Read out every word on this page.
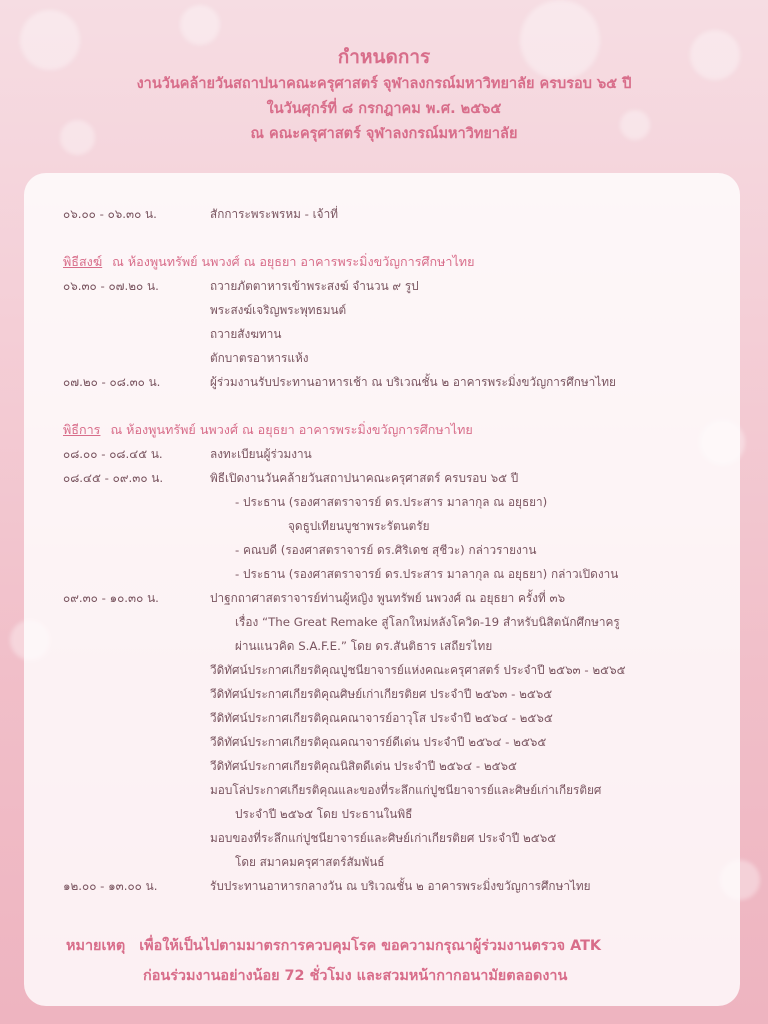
กำหนดการ
งานวันคล้ายวันสถาปนาคณะครุศาสตร์ จุฬาลงกรณ์มหาวิทยาลัย ครบรอบ ๖๕ ปี
ในวันศุกร์ที่ ๘ กรกฎาคม พ.ศ. ๒๕๖๕
ณ คณะครุศาสตร์ จุฬาลงกรณ์มหาวิทยาลัย
๐๖.๐๐ - ๐๖.๓๐ น.	สักการะพระพรหม - เจ้าที่
พิธีสงฆ์ ณ ห้องพูนทรัพย์ นพวงศ์ ณ อยุธยา อาคารพระมิ่งขวัญการศึกษาไทย
๐๖.๓๐ - ๐๗.๒๐ น.	ถวายภัตตาหารเข้าพระสงฆ์ จำนวน ๙ รูป
พระสงฆ์เจริญพระพุทธมนต์
ถวายสังฆทาน
ตักบาตรอาหารแห้ง
๐๗.๒๐ - ๐๘.๓๐ น.	ผู้ร่วมงานรับประทานอาหารเช้า ณ บริเวณชั้น ๒ อาคารพระมิ่งขวัญการศึกษาไทย
พิธีการ ณ ห้องพูนทรัพย์ นพวงศ์ ณ อยุธยา อาคารพระมิ่งขวัญการศึกษาไทย
๐๘.๐๐ - ๐๘.๔๕ น.	ลงทะเบียนผู้ร่วมงาน
๐๘.๔๕ - ๐๙.๓๐ น.	พิธีเปิดงานวันคล้ายวันสถาปนาคณะครุศาสตร์ ครบรอบ ๖๕ ปี
- ประธาน (รองศาสตราจารย์ ดร.ประสาร มาลากุล ณ อยุธยา)
จุดธูปเทียนบูชาพระรัตนตรัย
- คณบดี (รองศาสตราจารย์ ดร.ศิริเดช สุชีวะ) กล่าวรายงาน
- ประธาน (รองศาสตราจารย์ ดร.ประสาร มาลากุล ณ อยุธยา) กล่าวเปิดงาน
๐๙.๓๐ - ๑๐.๓๐ น.	ปาฐกถาศาสตราจารย์ท่านผู้หญิง พูนทรัพย์ นพวงศ์ ณ อยุธยา ครั้งที่ ๓๖
เรื่อง “The Great Remake สู่โลกใหม่หลังโควิด-19 สำหรับนิสิตนักศึกษาครู
ผ่านแนวคิด S.A.F.E.” โดย ดร.สันติธาร เสถียรไทย
วีดิทัศน์ประกาศเกียรติคุณปูชนียาจารย์แห่งคณะครุศาสตร์ ประจำปี ๒๕๖๓ - ๒๕๖๕
วีดิทัศน์ประกาศเกียรติคุณศิษย์เก่าเกียรติยศ ประจำปี ๒๕๖๓ - ๒๕๖๕
วีดิทัศน์ประกาศเกียรติคุณคณาจารย์อาวุโส ประจำปี ๒๕๖๔ - ๒๕๖๕
วีดิทัศน์ประกาศเกียรติคุณคณาจารย์ดีเด่น ประจำปี ๒๕๖๔ - ๒๕๖๕
วีดิทัศน์ประกาศเกียรติคุณนิสิตดีเด่น ประจำปี ๒๕๖๔ - ๒๕๖๕
มอบโล่ประกาศเกียรติคุณและของที่ระลึกแก่ปูชนียาจารย์และศิษย์เก่าเกียรติยศ
ประจำปี ๒๕๖๕ โดย ประธานในพิธี
มอบของที่ระลึกแก่ปูชนียาจารย์และศิษย์เก่าเกียรติยศ ประจำปี ๒๕๖๕
โดย สมาคมครุศาสตร์สัมพันธ์
๑๒.๐๐ - ๑๓.๐๐ น.	รับประทานอาหารกลางวัน ณ บริเวณชั้น ๒ อาคารพระมิ่งขวัญการศึกษาไทย
หมายเหตุ เพื่อให้เป็นไปตามมาตรการควบคุมโรค ขอความกรุณาผู้ร่วมงานตรวจ ATK
ก่อนร่วมงานอย่างน้อย 72 ชั่วโมง และสวมหน้ากากอนามัยตลอดงาน
